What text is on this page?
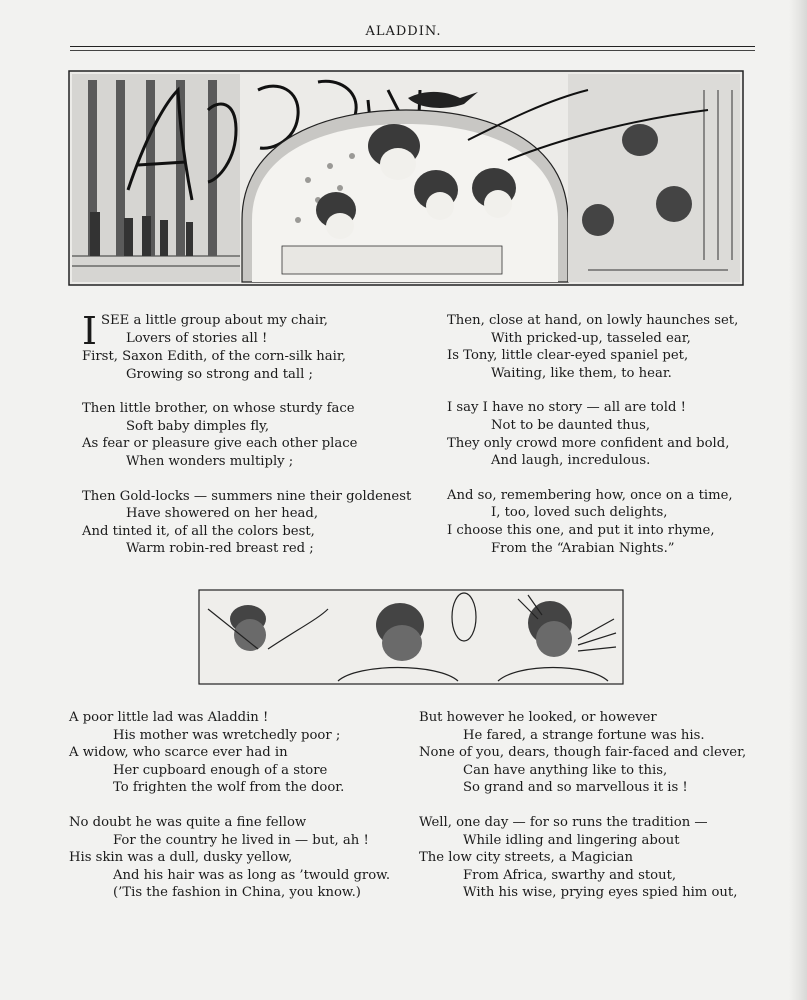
ALADDIN.
I SEE a little group about my chair,
Lovers of stories all !
First, Saxon Edith, of the corn-silk hair,
Growing so strong and tall ;
Then little brother, on whose sturdy face
Soft baby dimples fly,
As fear or pleasure give each other place
When wonders multiply ;
Then Gold-locks — summers nine their goldenest
Have showered on her head,
And tinted it, of all the colors best,
Warm robin-red breast red ;
Then, close at hand, on lowly haunches set,
With pricked-up, tasseled ear,
Is Tony, little clear-eyed spaniel pet,
Waiting, like them, to hear.
I say I have no story — all are told !
Not to be daunted thus,
They only crowd more confident and bold,
And laugh, incredulous.
And so, remembering how, once on a time,
I, too, loved such delights,
I choose this one, and put it into rhyme,
From the “Arabian Nights.”
A poor little lad was Aladdin !
His mother was wretchedly poor ;
A widow, who scarce ever had in
Her cupboard enough of a store
To frighten the wolf from the door.
No doubt he was quite a fine fellow
For the country he lived in — but, ah !
His skin was a dull, dusky yellow,
And his hair was as long as ’twould grow.
(’Tis the fashion in China, you know.)
But however he looked, or however
He fared, a strange fortune was his.
None of you, dears, though fair-faced and clever,
Can have anything like to this,
So grand and so marvellous it is !
Well, one day — for so runs the tradition —
While idling and lingering about
The low city streets, a Magician
From Africa, swarthy and stout,
With his wise, prying eyes spied him out,
